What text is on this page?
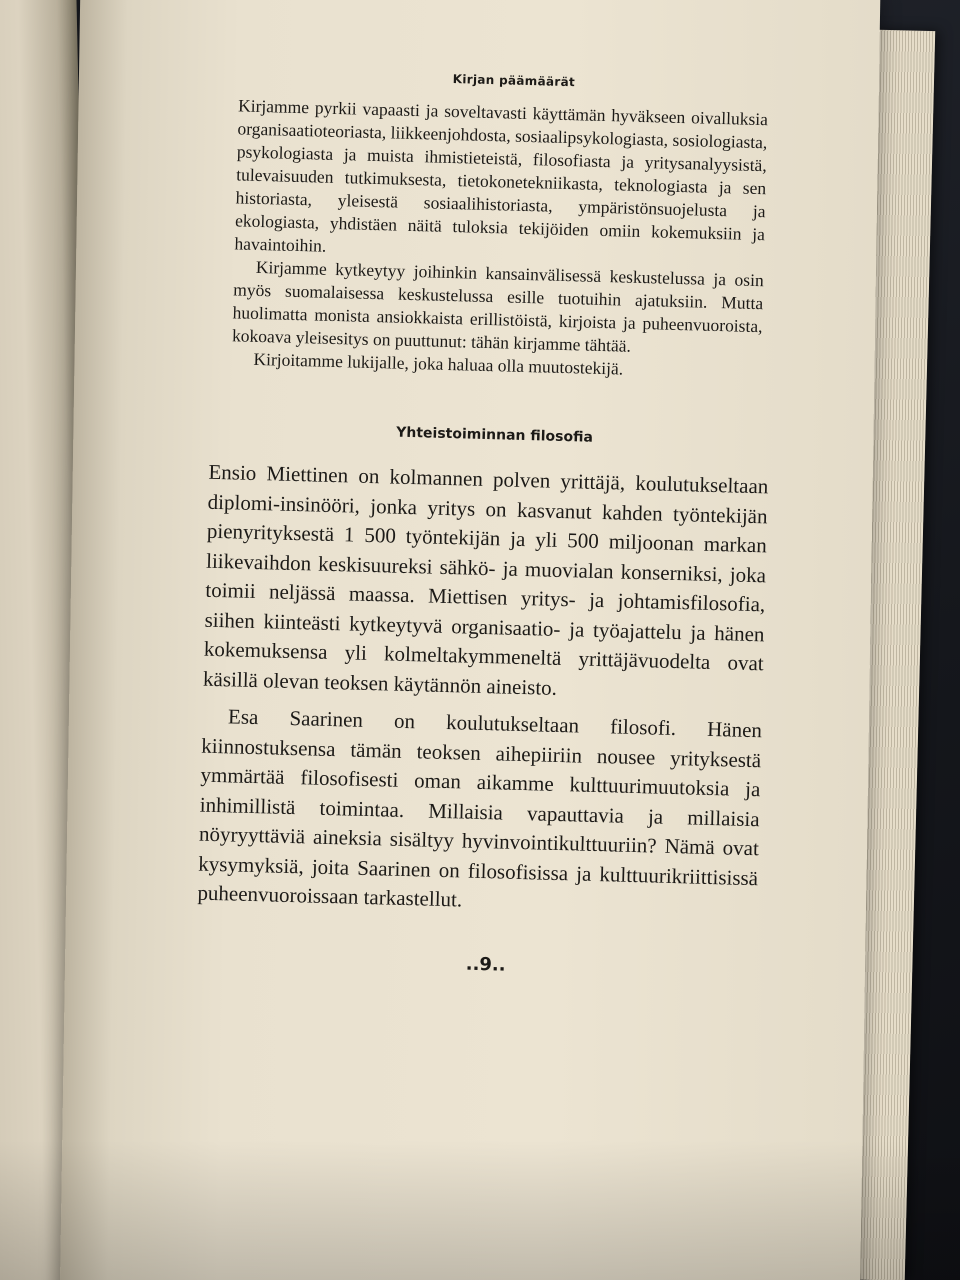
Kirjan päämäärät

Kirjamme pyrkii vapaasti ja soveltavasti käyttämän hyväkseen oivalluksia organisaatioteoriasta, liikkeenjohdosta, sosiaalipsykologiasta, sosiologiasta, psykologiasta ja muista ihmistieteistä, filosofiasta ja yritysanalyysistä, tulevaisuuden tutkimuksesta, tietokonetekniikasta, teknologiasta ja sen historiasta, yleisestä sosiaalihistoriasta, ympäristönsuojelusta ja ekologiasta, yhdistäen näitä tuloksia tekijöiden omiin kokemuksiin ja havaintoihin.

Kirjamme kytkeytyy joihinkin kansainvälisessä keskustelussa ja osin myös suomalaisessa keskustelussa esille tuotuihin ajatuksiin. Mutta huolimatta monista ansiokkaista erillistöistä, kirjoista ja puheenvuoroista, kokoava yleisesitys on puuttunut: tähän kirjamme tähtää.

Kirjoitamme lukijalle, joka haluaa olla muutostekijä.

Yhteistoiminnan filosofia

Ensio Miettinen on kolmannen polven yrittäjä, koulutukseltaan diplomi-insinööri, jonka yritys on kasvanut kahden työntekijän pienyrityksestä 1 500 työntekijän ja yli 500 miljoonan markan liikevaihdon keskisuureksi sähkö- ja muovialan konserniksi, joka toimii neljässä maassa. Miettisen yritys- ja johtamisfilosofia, siihen kiinteästi kytkeytyvä organisaatio- ja työajattelu ja hänen kokemuksensa yli kolmeltakymmeneltä yrittäjävuodelta ovat käsillä olevan teoksen käytännön aineisto.

Esa Saarinen on koulutukseltaan filosofi. Hänen kiinnostuksensa tämän teoksen aihepiiriin nousee yrityksestä ymmärtää filosofisesti oman aikamme kulttuurimuutoksia ja inhimillistä toimintaa. Millaisia vapauttavia ja millaisia nöyryyttäviä aineksia sisältyy hyvinvointikulttuuriin? Nämä ovat kysymyksiä, joita Saarinen on filosofisissa ja kulttuurikriittisissä puheenvuoroissaan tarkastellut.

..9..
